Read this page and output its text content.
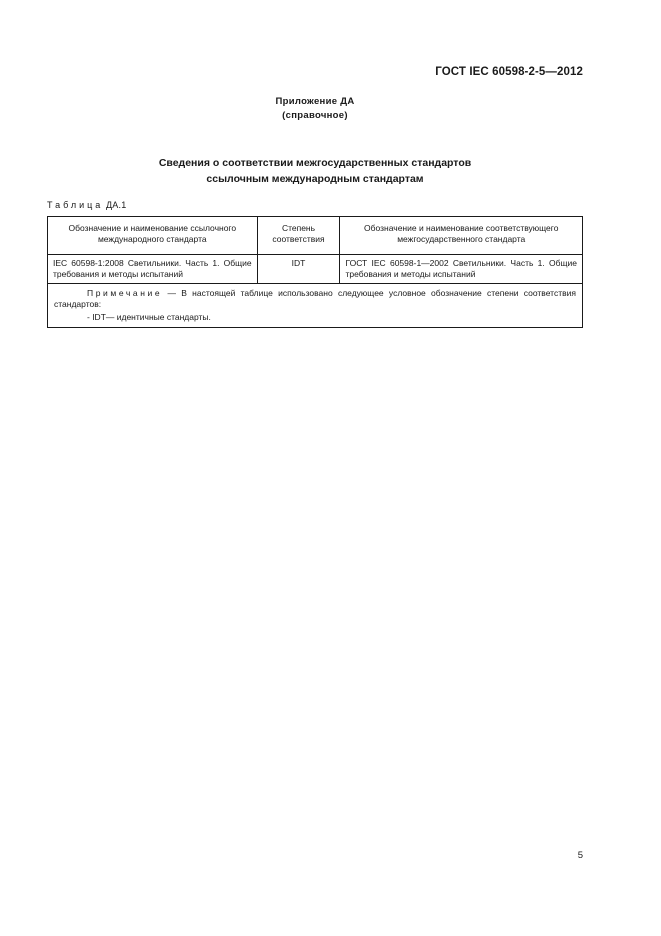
ГОСТ IEC 60598-2-5—2012
Приложение ДА
(справочное)
Сведения о соответствии межгосударственных стандартов
ссылочным международным стандартам
Таблица ДА.1
Обозначение и наименование ссылочного международного стандарта	Степень соответствия	Обозначение и наименование соответствующего межгосударственного стандарта
IEC 60598-1:2008 Светильники. Часть 1. Общие требования и методы испытаний	IDT	ГОСТ IEC 60598-1—2002 Светильники. Часть 1. Общие требования и методы испытаний

Примечание — В настоящей таблице использовано следующее условное обозначение степени соответствия стандартов:
- IDT— идентичные стандарты.		
5
